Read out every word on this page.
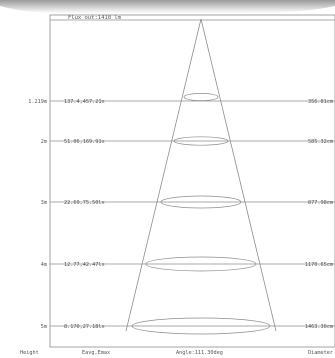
Flux out:1410 lm
1.219m	137.4,457.21x	356.81cm
2m	51.06,169.91x	585.32cm
3m	22.69,75.50lx	877.98cm
4m	12.77,42.47lx	1170.65cm
5m	8.170,27.18lx	1463.30cm
Height	Eavg,Emax	Angle:111.30deg	Diameter
